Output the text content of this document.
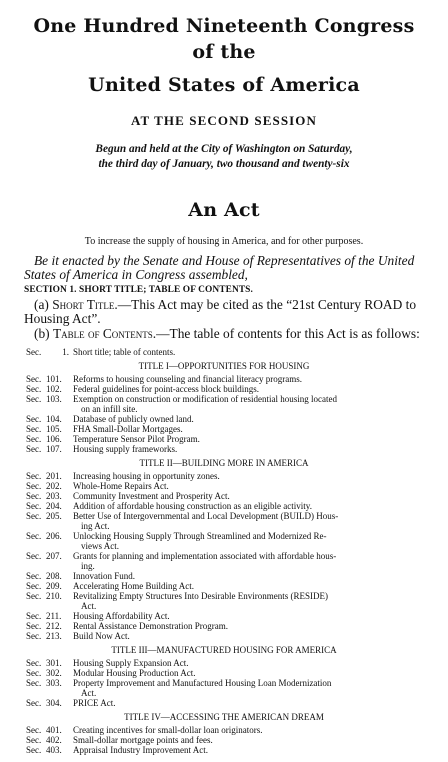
One Hundred Nineteenth Congress
of the
United States of America
AT THE SECOND SESSION
Begun and held at the City of Washington on Saturday,
the third day of January, two thousand and twenty-six
An Act
To increase the supply of housing in America, and for other purposes.
Be it enacted by the Senate and House of Representatives of the United States of America in Congress assembled,
SECTION 1. SHORT TITLE; TABLE OF CONTENTS.
(a) Short Title.—This Act may be cited as the “21st Century ROAD to Housing Act”.
(b) Table of Contents.—The table of contents for this Act is as follows:
Sec.	1. Short title; table of contents.
TITLE I—OPPORTUNITIES FOR HOUSING
Sec. 101.	Reforms to housing counseling and financial literacy programs.
Sec. 102.	Federal guidelines for point-access block buildings.
Sec. 103.	Exemption on construction or modification of residential housing located
on an infill site.
Sec. 104.	Database of publicly owned land.
Sec. 105.	FHA Small-Dollar Mortgages.
Sec. 106.	Temperature Sensor Pilot Program.
Sec. 107.	Housing supply frameworks.
TITLE II—BUILDING MORE IN AMERICA
Sec. 201.	Increasing housing in opportunity zones.
Sec. 202.	Whole-Home Repairs Act.
Sec. 203.	Community Investment and Prosperity Act.
Sec. 204.	Addition of affordable housing construction as an eligible activity.
Sec. 205.	Better Use of Intergovernmental and Local Development (BUILD) Hous-
ing Act.
Sec. 206.	Unlocking Housing Supply Through Streamlined and Modernized Re-
views Act.
Sec. 207.	Grants for planning and implementation associated with affordable hous-
ing.
Sec. 208.	Innovation Fund.
Sec. 209.	Accelerating Home Building Act.
Sec. 210.	Revitalizing Empty Structures Into Desirable Environments (RESIDE)
Act.
Sec. 211.	Housing Affordability Act.
Sec. 212.	Rental Assistance Demonstration Program.
Sec. 213.	Build Now Act.
TITLE III—MANUFACTURED HOUSING FOR AMERICA
Sec. 301.	Housing Supply Expansion Act.
Sec. 302.	Modular Housing Production Act.
Sec. 303.	Property Improvement and Manufactured Housing Loan Modernization
Act.
Sec. 304.	PRICE Act.
TITLE IV—ACCESSING THE AMERICAN DREAM
Sec. 401.	Creating incentives for small-dollar loan originators.
Sec. 402.	Small-dollar mortgage points and fees.
Sec. 403.	Appraisal Industry Improvement Act.
